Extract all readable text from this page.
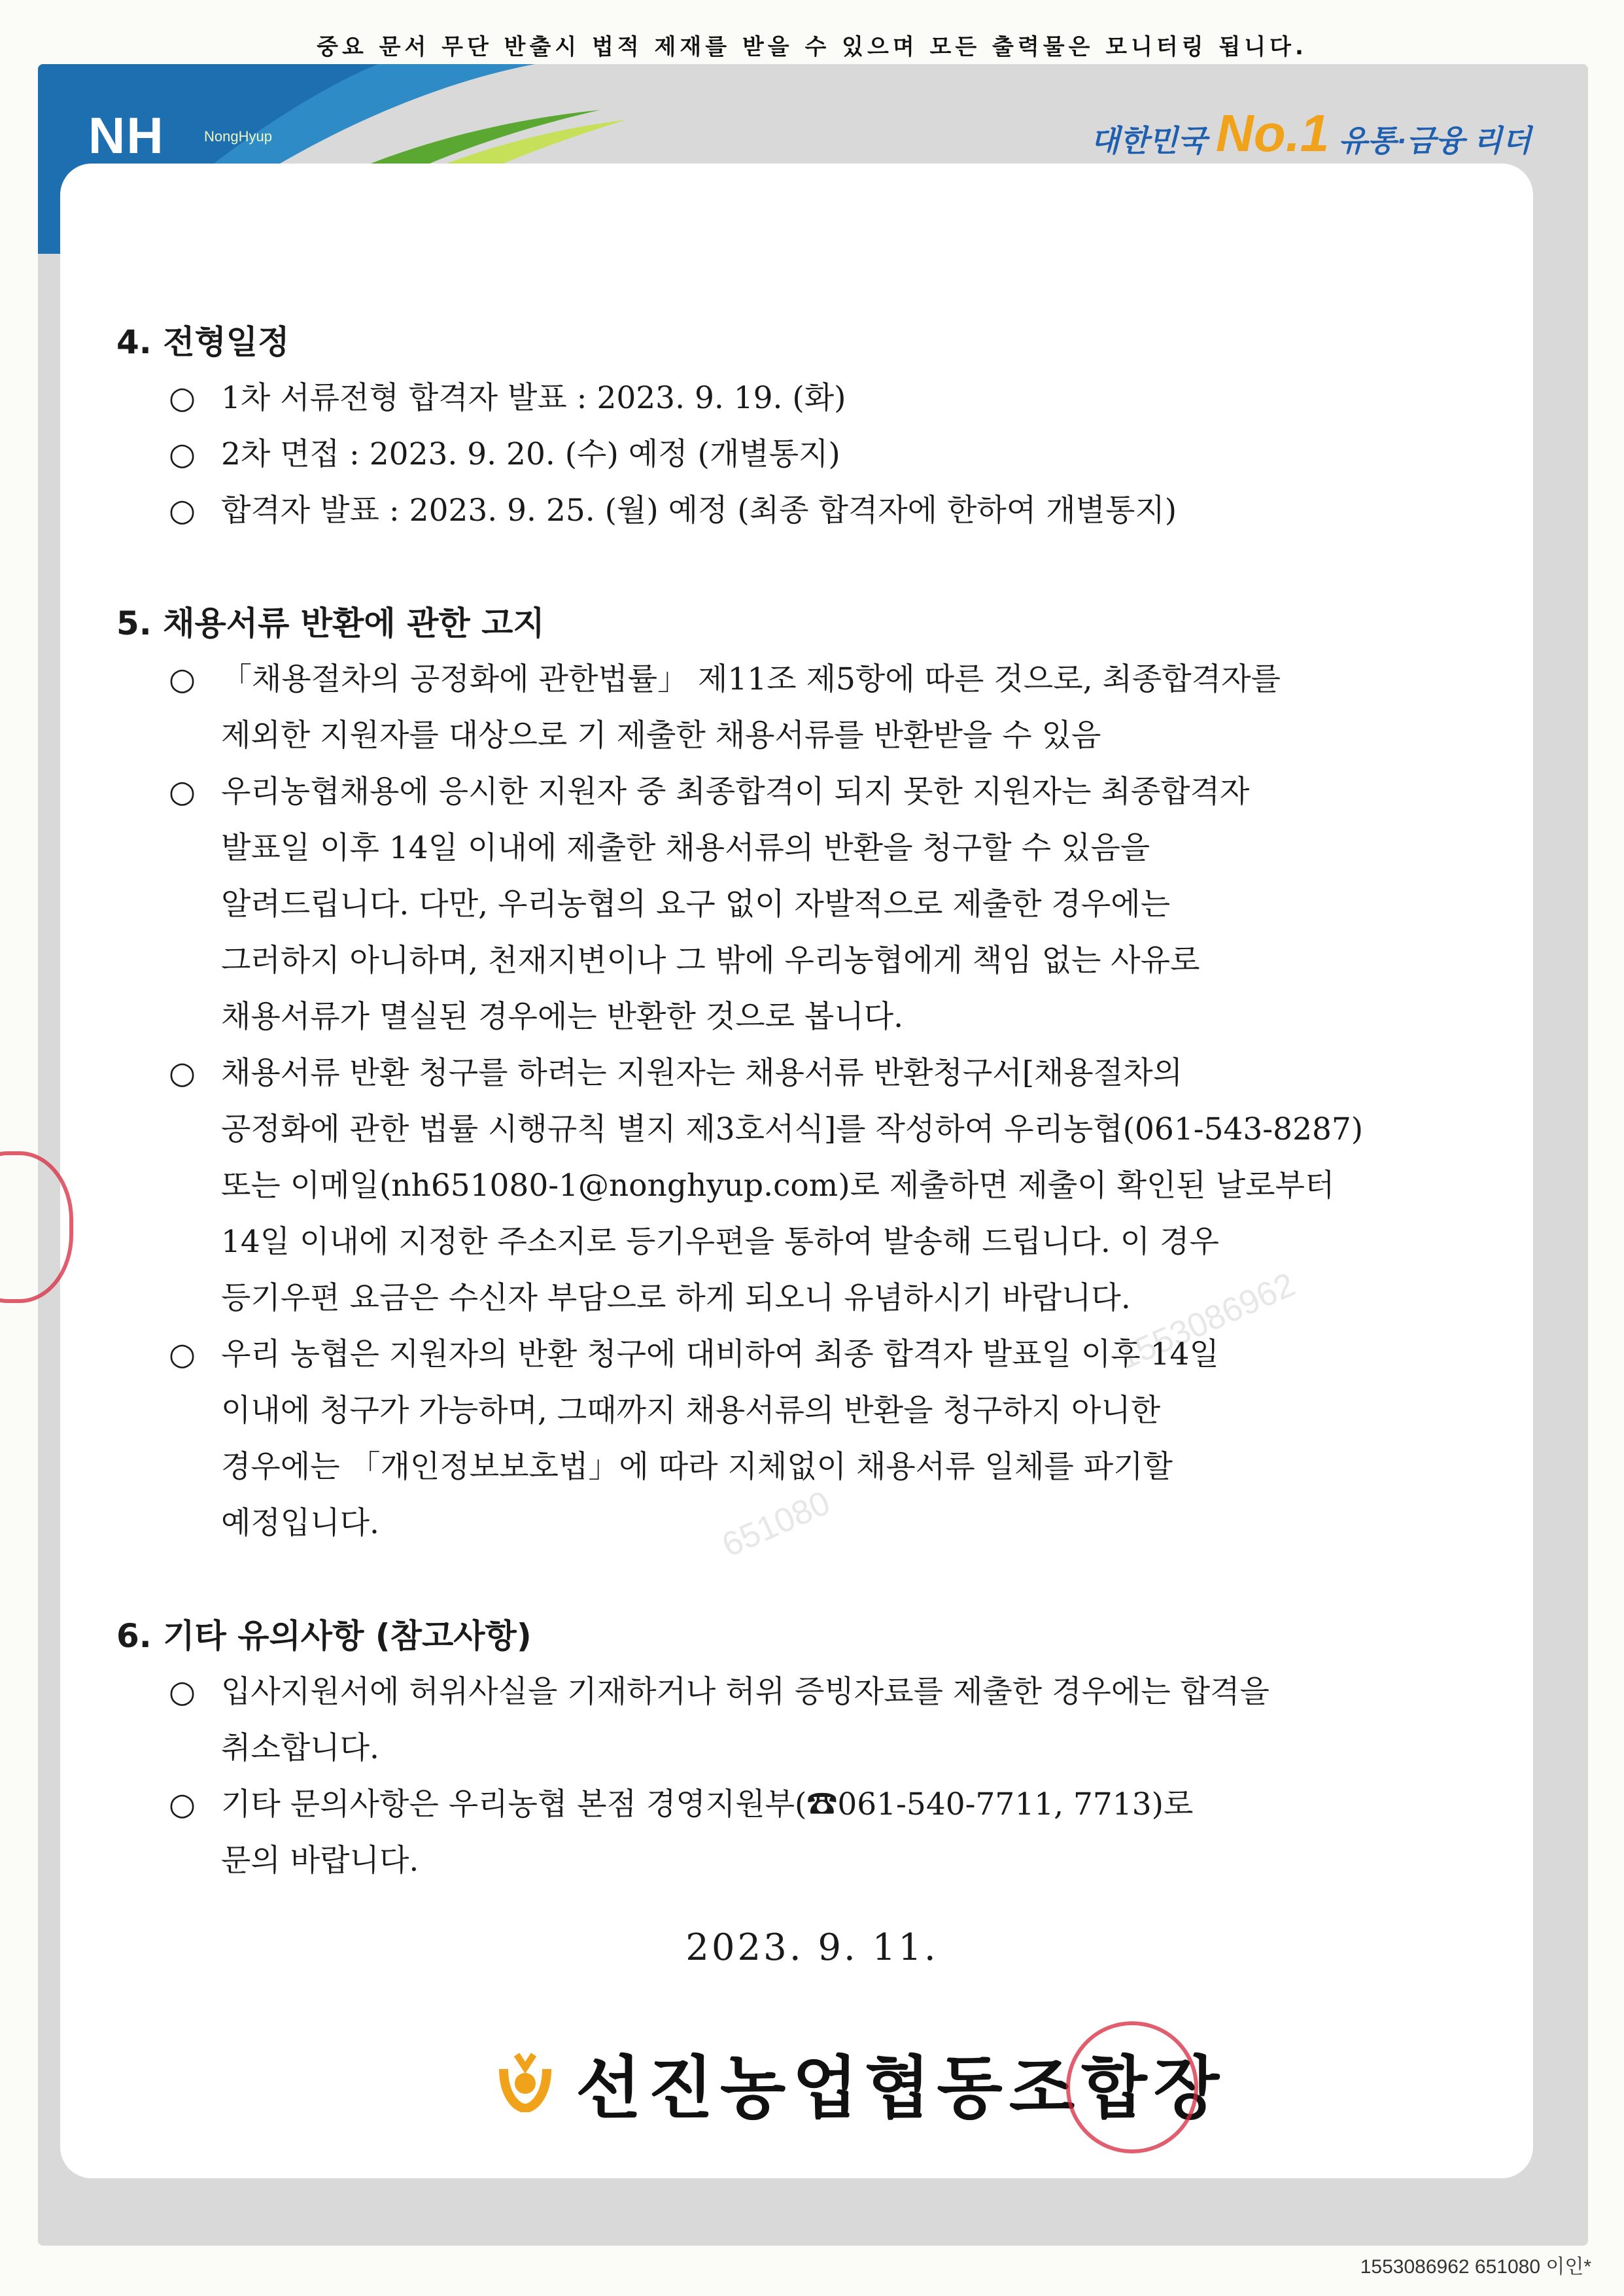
중요 문서 무단 반출시 법적 제재를 받을 수 있으며 모든 출력물은 모니터링 됩니다.
NH	NongHyup	대한민국 No.1 유통·금융 리더
651080
1553086962
4. 전형일정
○ 1차 서류전형 합격자 발표 : 2023. 9. 19. (화)
○ 2차 면접 : 2023. 9. 20. (수) 예정 (개별통지)
○ 합격자 발표 : 2023. 9. 25. (월) 예정 (최종 합격자에 한하여 개별통지)
5. 채용서류 반환에 관한 고지
○ 「채용절차의 공정화에 관한법률」 제11조 제5항에 따른 것으로, 최종합격자를
제외한 지원자를 대상으로 기 제출한 채용서류를 반환받을 수 있음
○ 우리농협채용에 응시한 지원자 중 최종합격이 되지 못한 지원자는 최종합격자
발표일 이후 14일 이내에 제출한 채용서류의 반환을 청구할 수 있음을
알려드립니다. 다만, 우리농협의 요구 없이 자발적으로 제출한 경우에는
그러하지 아니하며, 천재지변이나 그 밖에 우리농협에게 책임 없는 사유로
채용서류가 멸실된 경우에는 반환한 것으로 봅니다.
○ 채용서류 반환 청구를 하려는 지원자는 채용서류 반환청구서[채용절차의
공정화에 관한 법률 시행규칙 별지 제3호서식]를 작성하여 우리농협(061-543-8287)
또는 이메일(nh651080-1@nonghyup.com)로 제출하면 제출이 확인된 날로부터
14일 이내에 지정한 주소지로 등기우편을 통하여 발송해 드립니다. 이 경우
등기우편 요금은 수신자 부담으로 하게 되오니 유념하시기 바랍니다.
○ 우리 농협은 지원자의 반환 청구에 대비하여 최종 합격자 발표일 이후 14일
이내에 청구가 가능하며, 그때까지 채용서류의 반환을 청구하지 아니한
경우에는 「개인정보보호법」에 따라 지체없이 채용서류 일체를 파기할
예정입니다.
6. 기타 유의사항 (참고사항)
○ 입사지원서에 허위사실을 기재하거나 허위 증빙자료를 제출한 경우에는 합격을
취소합니다.
○ 기타 문의사항은 우리농협 본점 경영지원부(☎061-540-7711, 7713)로
문의 바랍니다.
2023. 9. 11.
선진농업협동조합장
1553086962 651080 이인*
